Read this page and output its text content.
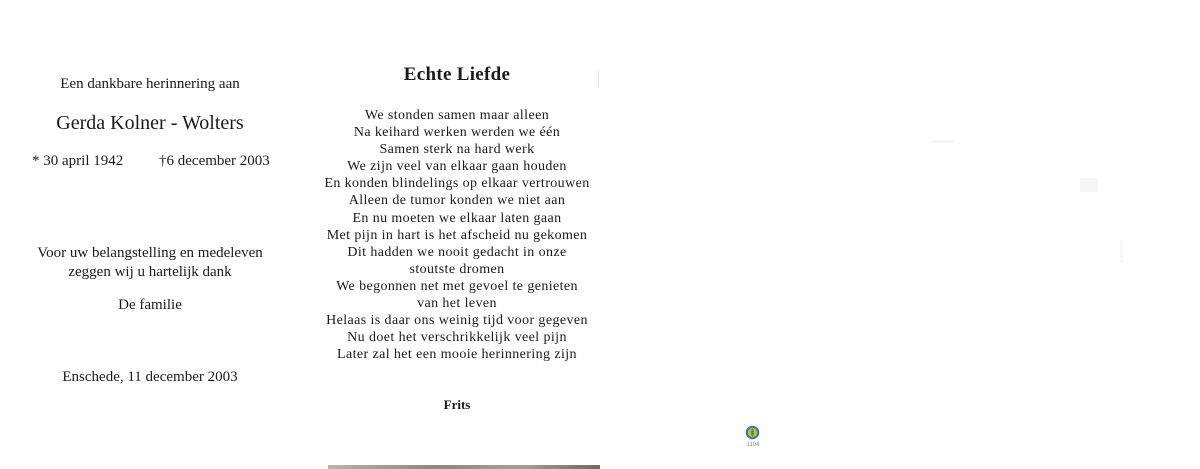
Een dankbare herinnering aan
Gerda Kolner - Wolters
* 30 april 1942 †6 december 2003
Voor uw belangstelling en medeleven
zeggen wij u hartelijk dank
De familie
Enschede, 11 december 2003
Echte Liefde
We stonden samen maar alleen
Na keihard werken werden we één
Samen sterk na hard werk
We zijn veel van elkaar gaan houden
En konden blindelings op elkaar vertrouwen
Alleen de tumor konden we niet aan
En nu moeten we elkaar laten gaan
Met pijn in hart is het afscheid nu gekomen
Dit hadden we nooit gedacht in onze
stoutste dromen
We begonnen net met gevoel te genieten
van het leven
Helaas is daar ons weinig tijd voor gegeven
Nu doet het verschrikkelijk veel pijn
Later zal het een mooie herinnering zijn
Frits
1104
